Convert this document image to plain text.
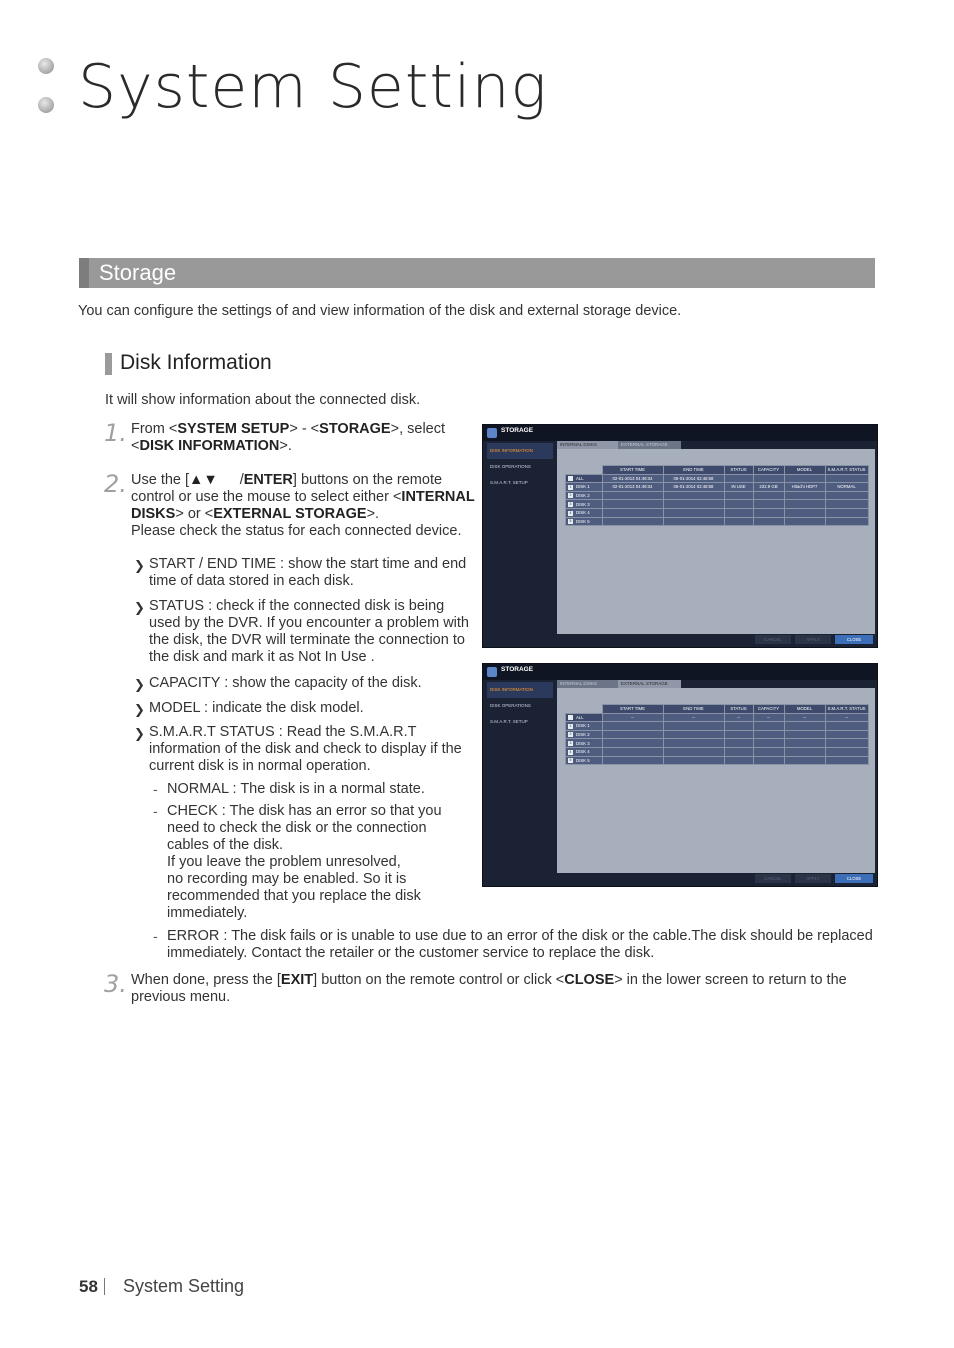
System Setting
Storage
You can configure the settings of and view information of the disk and external storage device.
Disk Information
It will show information about the connected disk.
1. From <SYSTEM SETUP> - <STORAGE>, select
<DISK INFORMATION>.
2. Use the [▲▼ /ENTER] buttons on the remote
control or use the mouse to select either <INTERNAL
DISKS> or <EXTERNAL STORAGE>.
Please check the status for each connected device.
❯ START / END TIME : show the start time and end
time of data stored in each disk.
❯ STATUS : check if the connected disk is being
used by the DVR. If you encounter a problem with
the disk, the DVR will terminate the connection to
the disk and mark it as Not In Use .
❯ CAPACITY : show the capacity of the disk.
❯ MODEL : indicate the disk model.
❯ S.M.A.R.T STATUS : Read the S.M.A.R.T
information of the disk and check to display if the
current disk is in normal operation.
- NORMAL : The disk is in a normal state.
- CHECK : The disk has an error so that you
need to check the disk or the connection
cables of the disk.
If you leave the problem unresolved,
no recording may be enabled. So it is
recommended that you replace the disk
immediately.
- ERROR : The disk fails or is unable to use due to an error of the disk or the cable.The disk should be replaced
immediately. Contact the retailer or the customer service to replace the disk.
3. When done, press the [EXIT] button on the remote control or click <CLOSE> in the lower screen to return to the
previous menu.
STORAGE
DISK INFORMATION
DISK OPERATIONS
S.M.A.R.T. SETUP
INTERNAL DISKS	EXTERNAL STORAGE
	START TIME	END TIME	STATUS	CAPACITY	MODEL	S.M.A.R.T. STATUS
ALL	02-01-2013 04:49:34	05-01-2014 02:48:58				
1 DISK 1	02-01-2013 04:49:34	05-01-2014 02:48:58	IN USE	232.9 GB	Hitachi HDP7	NORMAL
2 DISK 2						
3 DISK 3						
4 DISK 4						
5 DISK 5						
CANCEL	APPLY	CLOSE
STORAGE
DISK INFORMATION
DISK OPERATIONS
S.M.A.R.T. SETUP
INTERNAL DISKS	EXTERNAL STORAGE
	START TIME	END TIME	STATUS	CAPACITY	MODEL	S.M.A.R.T. STATUS
ALL	--	--	--	--	--	--
1 DISK 1						
2 DISK 2						
3 DISK 3						
4 DISK 4						
5 DISK 5						
CANCEL	APPLY	CLOSE
58 System Setting
